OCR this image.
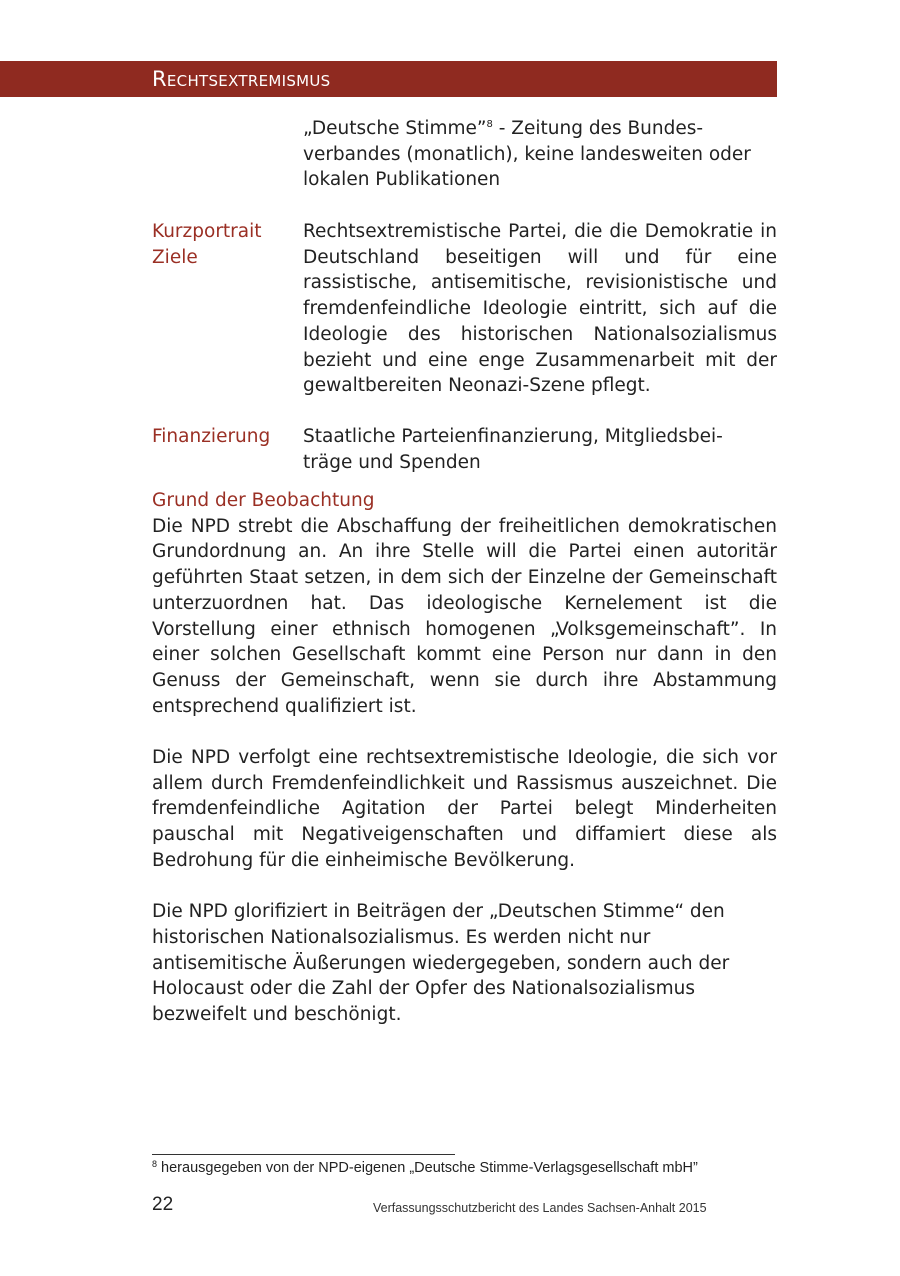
Rechtsextremismus
„Deutsche Stimme”$^8$ - Zeitung des Bundes-
verbandes (monatlich), keine landesweiten oder
lokalen Publikationen
Kurzportrait
Ziele
Rechtsextremistische Partei, die die Demokratie in Deutschland beseitigen will und für eine rassistische, antisemitische, revisionistische und fremdenfeindliche Ideologie eintritt, sich auf die Ideologie des historischen Nationalsozialismus bezieht und eine enge Zusammenarbeit mit der gewaltbereiten Neonazi-Szene pflegt.
Finanzierung	Staatliche Parteienfinanzierung, Mitgliedsbei-
träge und Spenden
Grund der Beobachtung

Die NPD strebt die Abschaffung der freiheitlichen demokratischen Grundordnung an. An ihre Stelle will die Partei einen autoritär geführten Staat setzen, in dem sich der Einzelne der Gemeinschaft unterzuordnen hat. Das ideologische Kernelement ist die Vorstellung einer ethnisch homogenen „Volksgemeinschaft”. In einer solchen Gesellschaft kommt eine Person nur dann in den Genuss der Gemeinschaft, wenn sie durch ihre Abstammung entsprechend qualifiziert ist.

Die NPD verfolgt eine rechtsextremistische Ideologie, die sich vor allem durch Fremdenfeindlichkeit und Rassismus auszeichnet. Die fremdenfeindliche Agitation der Partei belegt Minderheiten pauschal mit Negativeigenschaften und diffamiert diese als Bedrohung für die einheimische Bevölkerung.

Die NPD glorifiziert in Beiträgen der „Deutschen Stimme“ den historischen Nationalsozialismus. Es werden nicht nur antisemitische Äußerungen wiedergegeben, sondern auch der Holocaust oder die Zahl der Opfer des Nationalsozialismus bezweifelt und beschönigt.

$^8$ herausgegeben von der NPD-eigenen „Deutsche Stimme-Verlagsgesellschaft mbH”
22	Verfassungsschutzbericht des Landes Sachsen-Anhalt 2015
